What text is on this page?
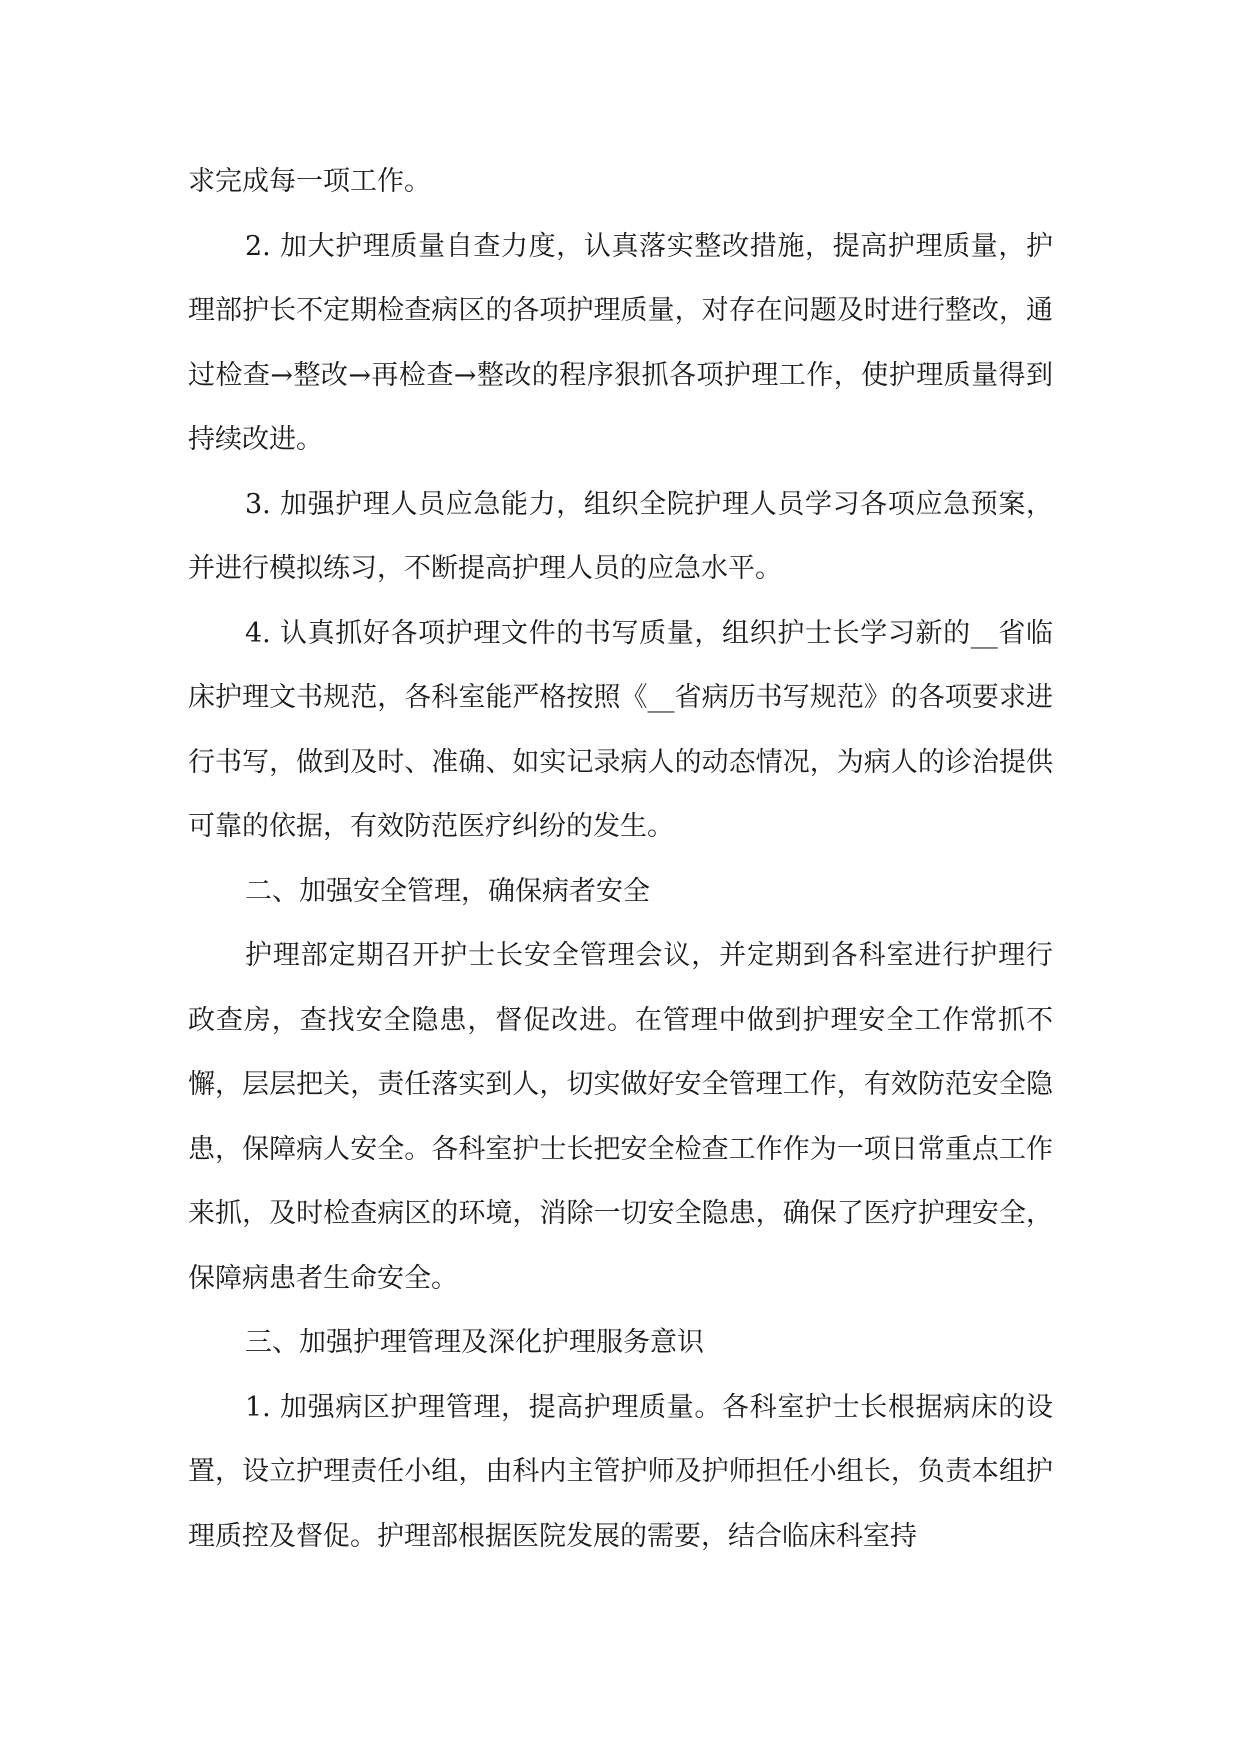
求完成每一项工作。

2. 加大护理质量自查力度，认真落实整改措施，提高护理质量，护理部护长不定期检查病区的各项护理质量，对存在问题及时进行整改，通过检查→整改→再检查→整改的程序狠抓各项护理工作，使护理质量得到持续改进。

3. 加强护理人员应急能力，组织全院护理人员学习各项应急预案，并进行模拟练习，不断提高护理人员的应急水平。

4. 认真抓好各项护理文件的书写质量，组织护士长学习新的__省临床护理文书规范，各科室能严格按照《__省病历书写规范》的各项要求进行书写，做到及时、准确、如实记录病人的动态情况，为病人的诊治提供可靠的依据，有效防范医疗纠纷的发生。

二、加强安全管理，确保病者安全

护理部定期召开护士长安全管理会议，并定期到各科室进行护理行政查房，查找安全隐患，督促改进。在管理中做到护理安全工作常抓不懈，层层把关，责任落实到人，切实做好安全管理工作，有效防范安全隐患，保障病人安全。各科室护士长把安全检查工作作为一项日常重点工作来抓，及时检查病区的环境，消除一切安全隐患，确保了医疗护理安全，保障病患者生命安全。

三、加强护理管理及深化护理服务意识

1. 加强病区护理管理，提高护理质量。各科室护士长根据病床的设置，设立护理责任小组，由科内主管护师及护师担任小组长，负责本组护理质控及督促。护理部根据医院发展的需要，结合临床科室持
